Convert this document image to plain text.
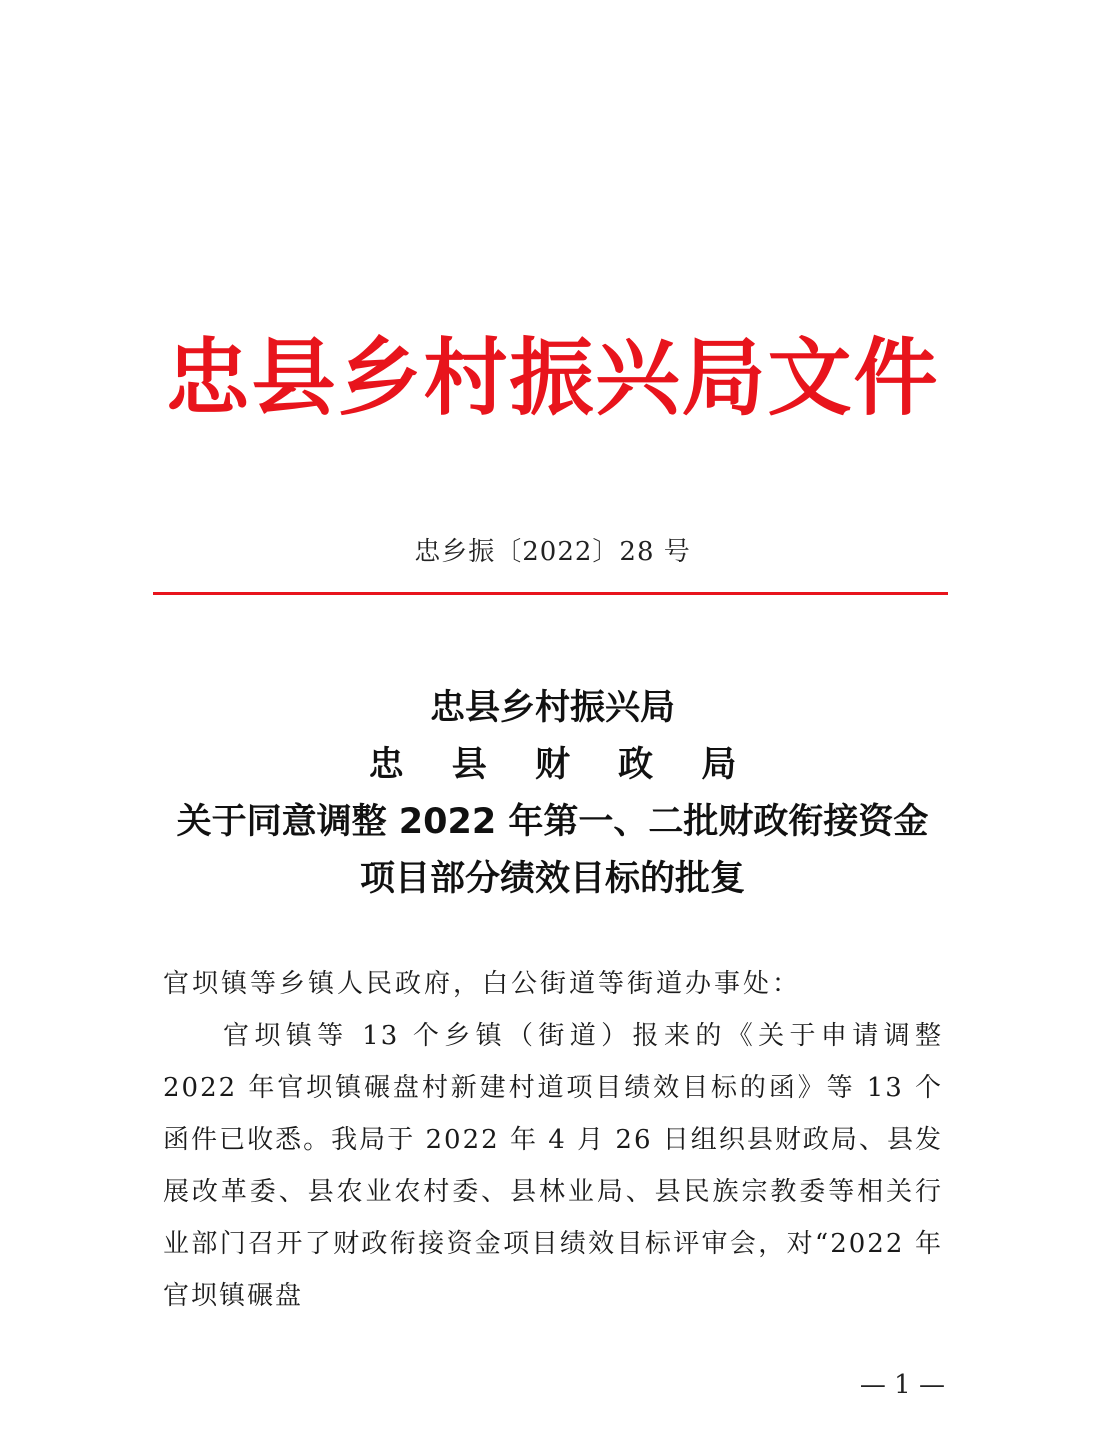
忠县乡村振兴局文件
忠乡振〔2022〕28 号
忠县乡村振兴局
忠 县 财 政 局
关于同意调整 2022 年第一、二批财政衔接资金
项目部分绩效目标的批复
官坝镇等乡镇人民政府，白公街道等街道办事处：
官坝镇等 13 个乡镇（街道）报来的《关于申请调整 2022 年官坝镇碾盘村新建村道项目绩效目标的函》等 13 个函件已收悉。我局于 2022 年 4 月 26 日组织县财政局、县发展改革委、县农业农村委、县林业局、县民族宗教委等相关行业部门召开了财政衔接资金项目绩效目标评审会，对“2022 年官坝镇碾盘
— 1 —
